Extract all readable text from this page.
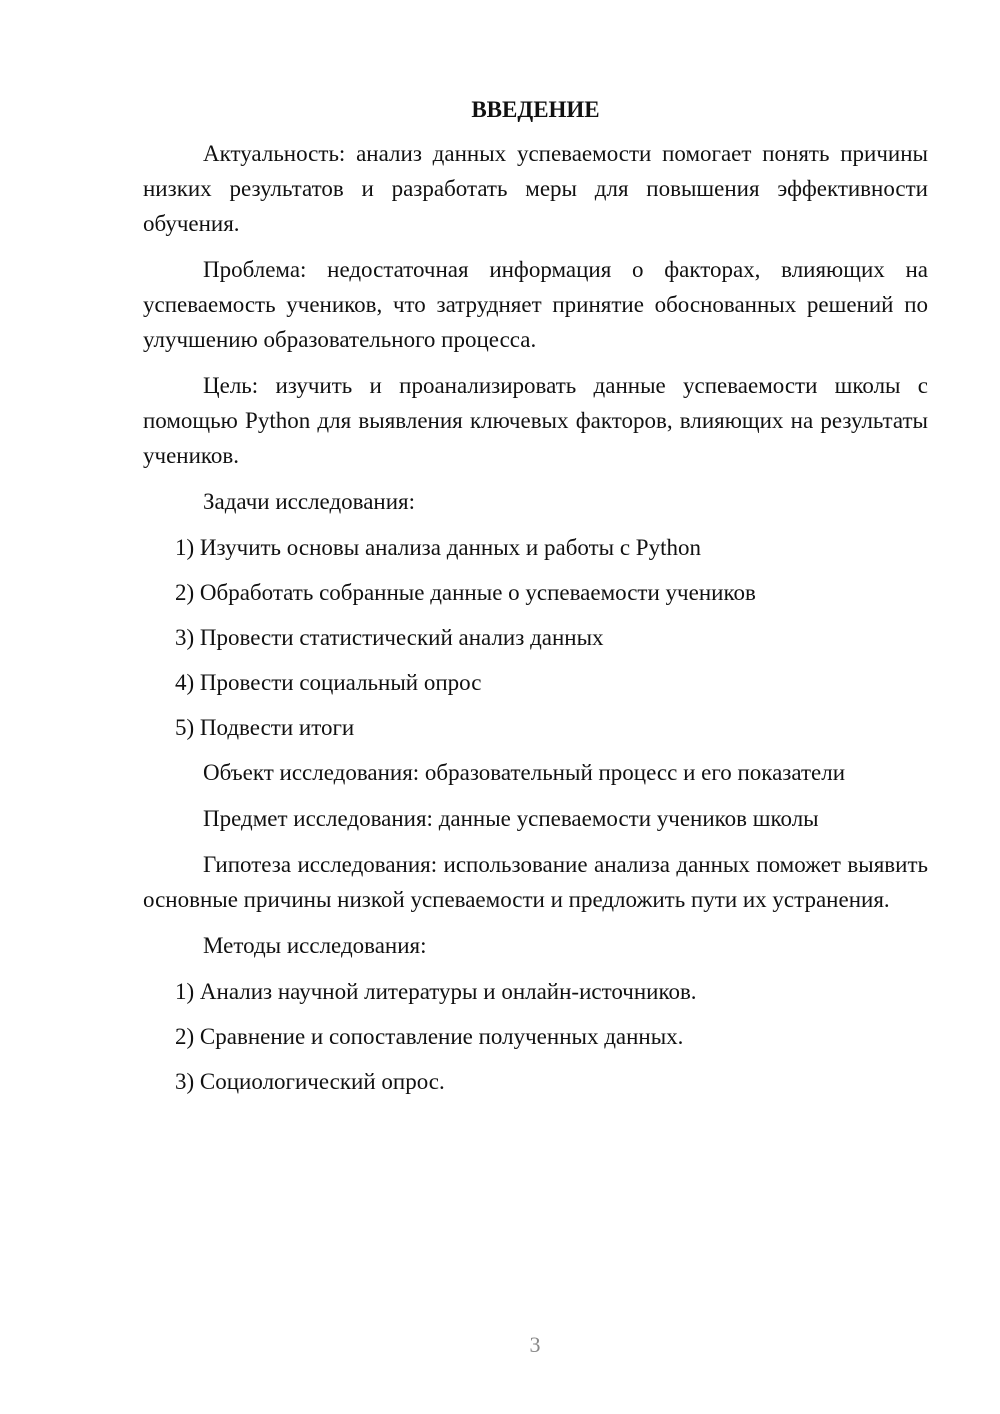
ВВЕДЕНИЕ

Актуальность: анализ данных успеваемости помогает понять причины низких результатов и разработать меры для повышения эффективности обучения.

Проблема: недостаточная информация о факторах, влияющих на успеваемость учеников, что затрудняет принятие обоснованных решений по улучшению образовательного процесса.

Цель: изучить и проанализировать данные успеваемости школы с помощью Python для выявления ключевых факторов, влияющих на результаты учеников.

Задачи исследования:
1) Изучить основы анализа данных и работы с Python
2) Обработать собранные данные о успеваемости учеников
3) Провести статистический анализ данных
4) Провести социальный опрос
5) Подвести итоги
Объект исследования: образовательный процесс и его показатели
Предмет исследования: данные успеваемости учеников школы

Гипотеза исследования: использование анализа данных поможет выявить основные причины низкой успеваемости и предложить пути их устранения.

Методы исследования:
1) Анализ научной литературы и онлайн-источников.
2) Сравнение и сопоставление полученных данных.
3) Социологический опрос.
3
